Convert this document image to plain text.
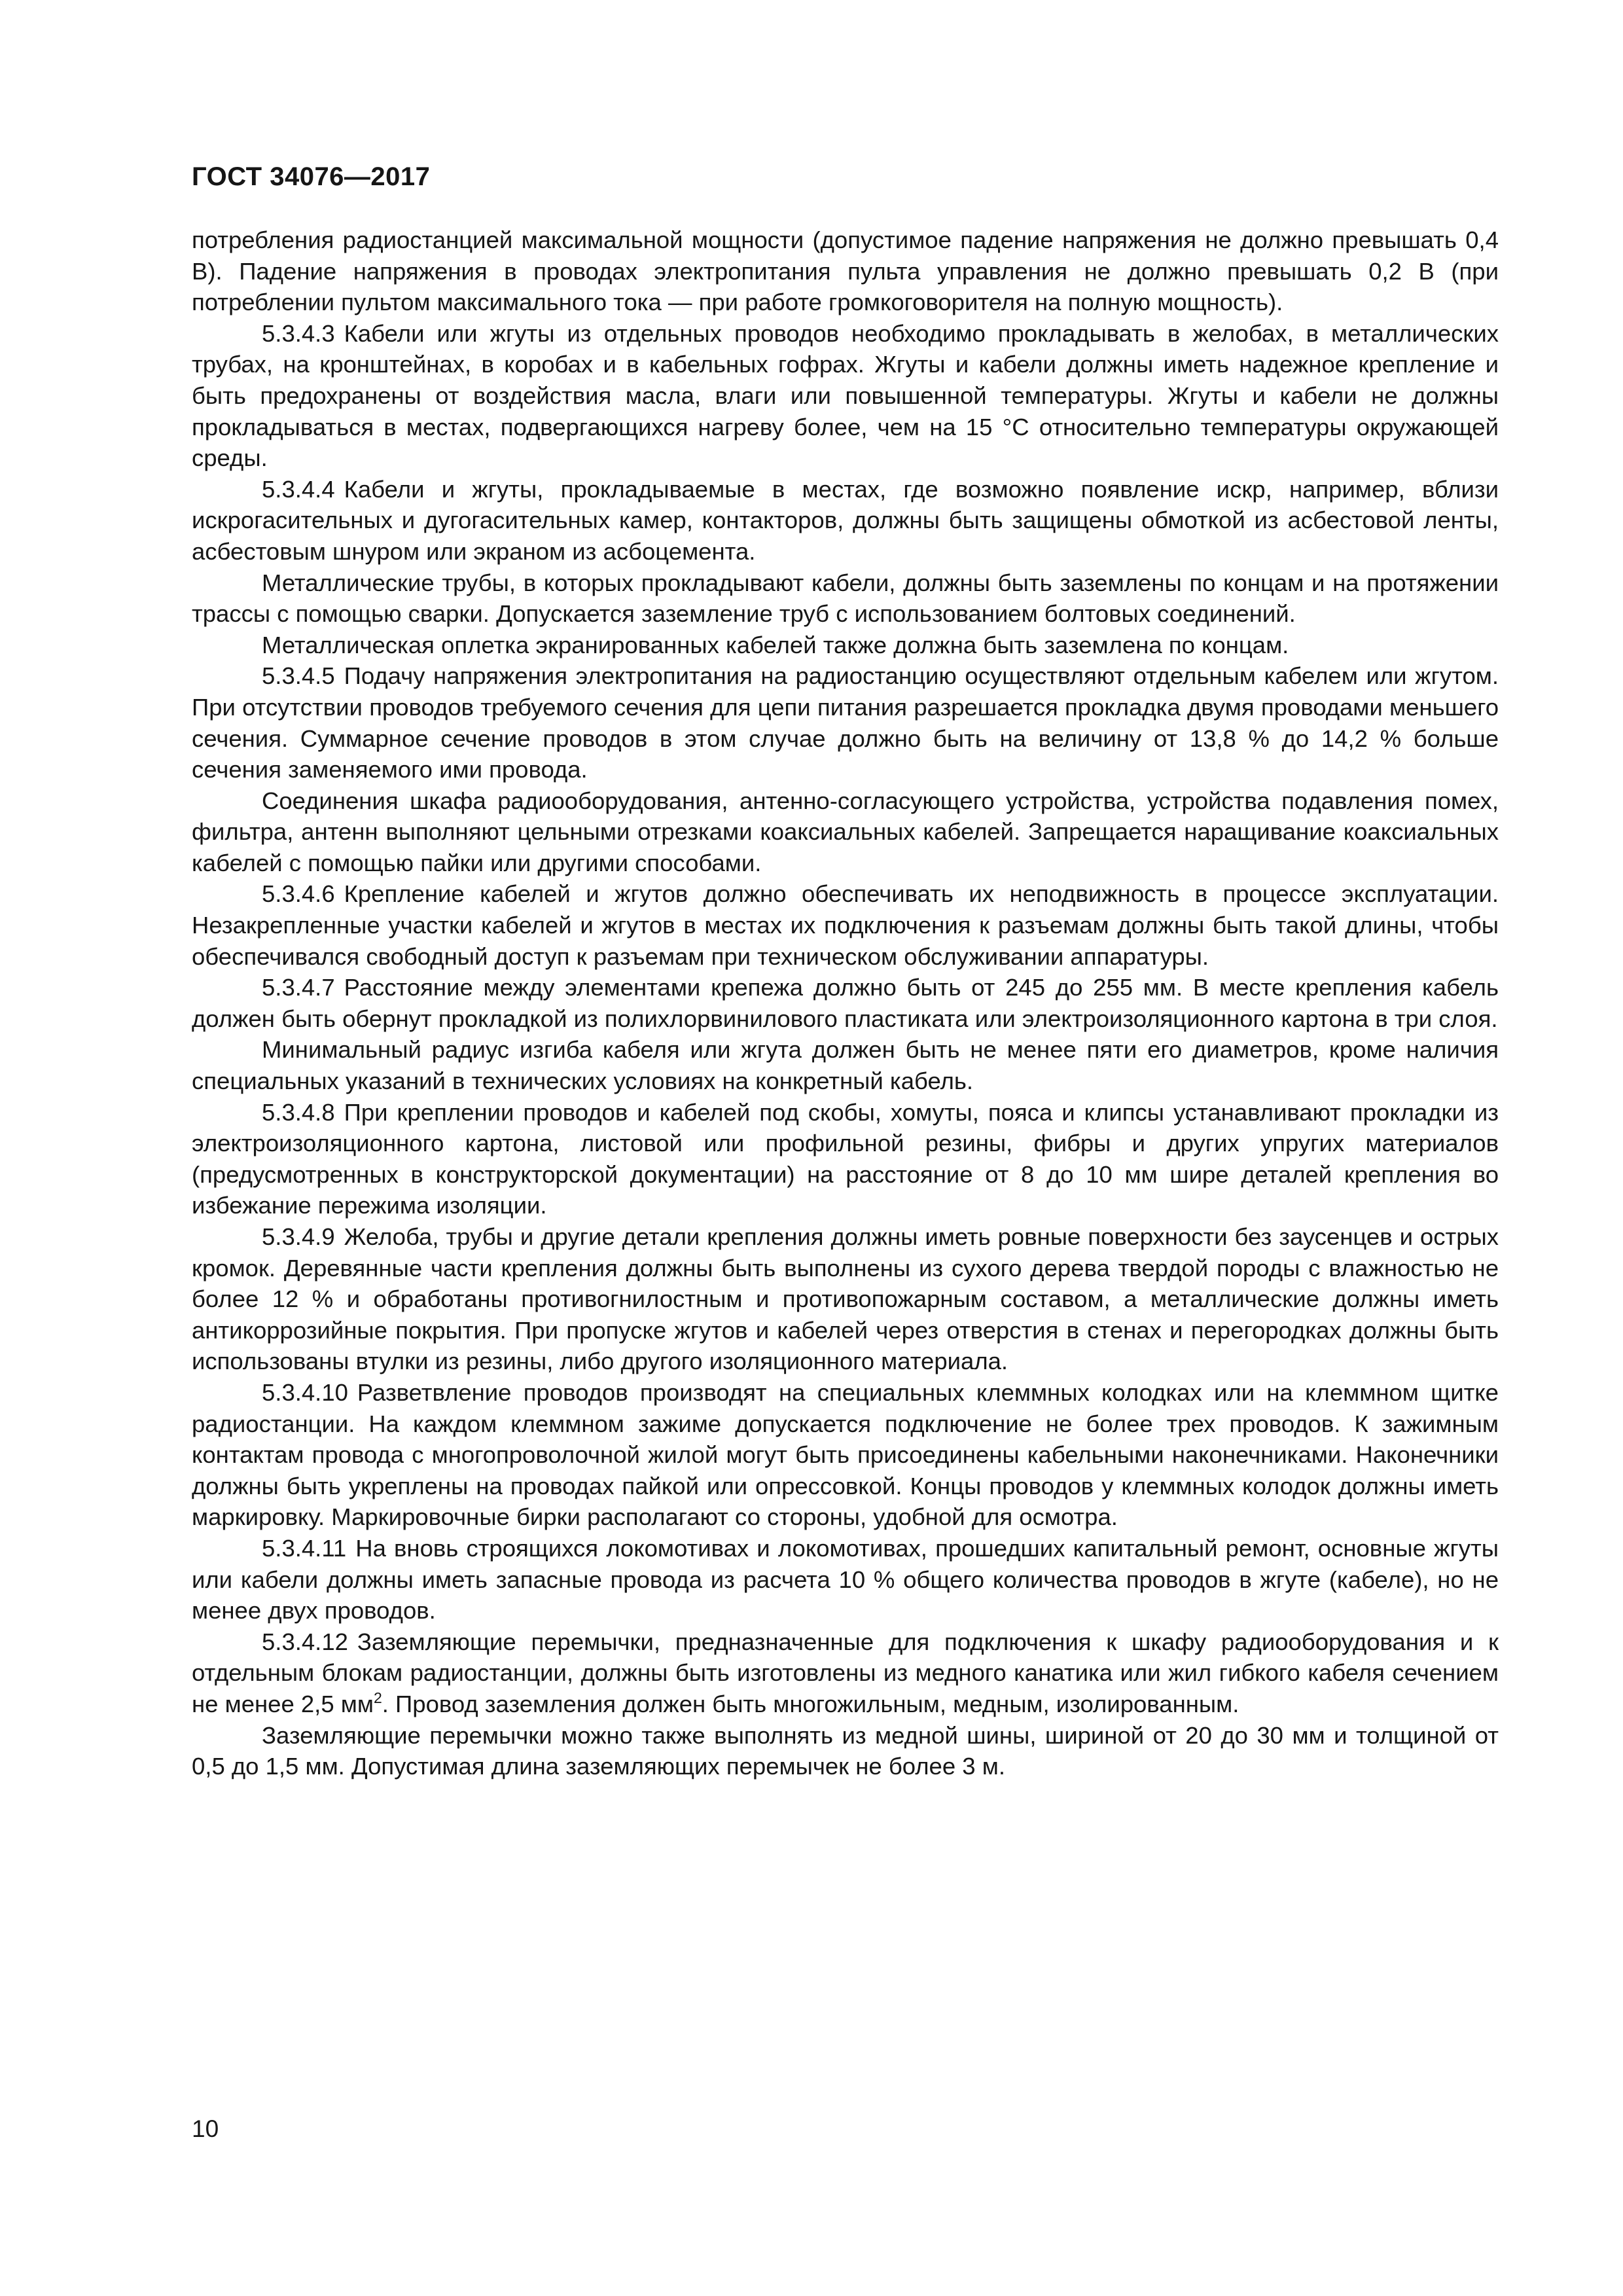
ГОСТ 34076—2017

потребления радиостанцией максимальной мощности (допустимое падение напряжения не должно превышать 0,4 В). Падение напряжения в проводах электропитания пульта управления не должно превышать 0,2 В (при потреблении пультом максимального тока — при работе громкоговорителя на полную мощность).

5.3.4.3 Кабели или жгуты из отдельных проводов необходимо прокладывать в желобах, в металлических трубах, на кронштейнах, в коробах и в кабельных гофрах. Жгуты и кабели должны иметь надежное крепление и быть предохранены от воздействия масла, влаги или повышенной температуры. Жгуты и кабели не должны прокладываться в местах, подвергающихся нагреву более, чем на 15 °С относительно температуры окружающей среды.

5.3.4.4 Кабели и жгуты, прокладываемые в местах, где возможно появление искр, например, вблизи искрогасительных и дугогасительных камер, контакторов, должны быть защищены обмоткой из асбестовой ленты, асбестовым шнуром или экраном из асбоцемента.

Металлические трубы, в которых прокладывают кабели, должны быть заземлены по концам и на протяжении трассы с помощью сварки. Допускается заземление труб с использованием болтовых соединений.

Металлическая оплетка экранированных кабелей также должна быть заземлена по концам.

5.3.4.5 Подачу напряжения электропитания на радиостанцию осуществляют отдельным кабелем или жгутом. При отсутствии проводов требуемого сечения для цепи питания разрешается прокладка двумя проводами меньшего сечения. Суммарное сечение проводов в этом случае должно быть на величину от 13,8 % до 14,2 % больше сечения заменяемого ими провода.

Соединения шкафа радиооборудования, антенно-согласующего устройства, устройства подавления помех, фильтра, антенн выполняют цельными отрезками коаксиальных кабелей. Запрещается наращивание коаксиальных кабелей с помощью пайки или другими способами.

5.3.4.6 Крепление кабелей и жгутов должно обеспечивать их неподвижность в процессе эксплуатации. Незакрепленные участки кабелей и жгутов в местах их подключения к разъемам должны быть такой длины, чтобы обеспечивался свободный доступ к разъемам при техническом обслуживании аппаратуры.

5.3.4.7 Расстояние между элементами крепежа должно быть от 245 до 255 мм. В месте крепления кабель должен быть обернут прокладкой из полихлорвинилового пластиката или электроизоляционного картона в три слоя.

Минимальный радиус изгиба кабеля или жгута должен быть не менее пяти его диаметров, кроме наличия специальных указаний в технических условиях на конкретный кабель.

5.3.4.8 При креплении проводов и кабелей под скобы, хомуты, пояса и клипсы устанавливают прокладки из электроизоляционного картона, листовой или профильной резины, фибры и других упругих материалов (предусмотренных в конструкторской документации) на расстояние от 8 до 10 мм шире деталей крепления во избежание пережима изоляции.

5.3.4.9 Желоба, трубы и другие детали крепления должны иметь ровные поверхности без заусенцев и острых кромок. Деревянные части крепления должны быть выполнены из сухого дерева твердой породы с влажностью не более 12 % и обработаны противогнилостным и противопожарным составом, а металлические должны иметь антикоррозийные покрытия. При пропуске жгутов и кабелей через отверстия в стенах и перегородках должны быть использованы втулки из резины, либо другого изоляционного материала.

5.3.4.10 Разветвление проводов производят на специальных клеммных колодках или на клеммном щитке радиостанции. На каждом клеммном зажиме допускается подключение не более трех проводов. К зажимным контактам провода с многопроволочной жилой могут быть присоединены кабельными наконечниками. Наконечники должны быть укреплены на проводах пайкой или опрессовкой. Концы проводов у клеммных колодок должны иметь маркировку. Маркировочные бирки располагают со стороны, удобной для осмотра.

5.3.4.11 На вновь строящихся локомотивах и локомотивах, прошедших капитальный ремонт, основные жгуты или кабели должны иметь запасные провода из расчета 10 % общего количества проводов в жгуте (кабеле), но не менее двух проводов.

5.3.4.12 Заземляющие перемычки, предназначенные для подключения к шкафу радиооборудования и к отдельным блокам радиостанции, должны быть изготовлены из медного канатика или жил гибкого кабеля сечением не менее 2,5 $мм^2$. Провод заземления должен быть многожильным, медным, изолированным.

Заземляющие перемычки можно также выполнять из медной шины, шириной от 20 до 30 мм и толщиной от 0,5 до 1,5 мм. Допустимая длина заземляющих перемычек не более 3 м.

10
